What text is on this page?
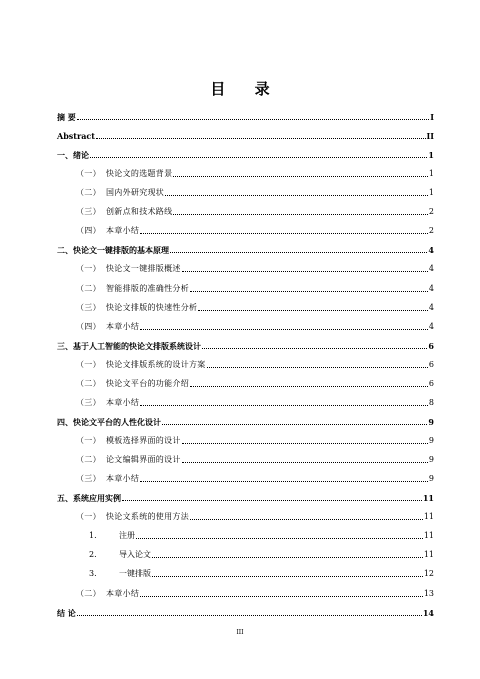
目 录
摘 要	I
Abstract	II
一、绪论	1
（一） 快论文的选题背景	1
（二） 国内外研究现状	1
（三） 创新点和技术路线	2
（四） 本章小结	2
二、快论文一键排版的基本原理	4
（一） 快论文一键排版概述	4
（二） 智能排版的准确性分析	4
（三） 快论文排版的快速性分析	4
（四） 本章小结	4
三、基于人工智能的快论文排版系统设计	6
（一） 快论文排版系统的设计方案	6
（二） 快论文平台的功能介绍	6
（三） 本章小结	8
四、快论文平台的人性化设计	9
（一） 模板选择界面的设计	9
（二） 论文编辑界面的设计	9
（三） 本章小结	9
五、系统应用实例	11
（一） 快论文系统的使用方法	11
1.	注册	11
2.	导入论文	11
3.	一键排版	12
（二） 本章小结	13
结 论	14
III
